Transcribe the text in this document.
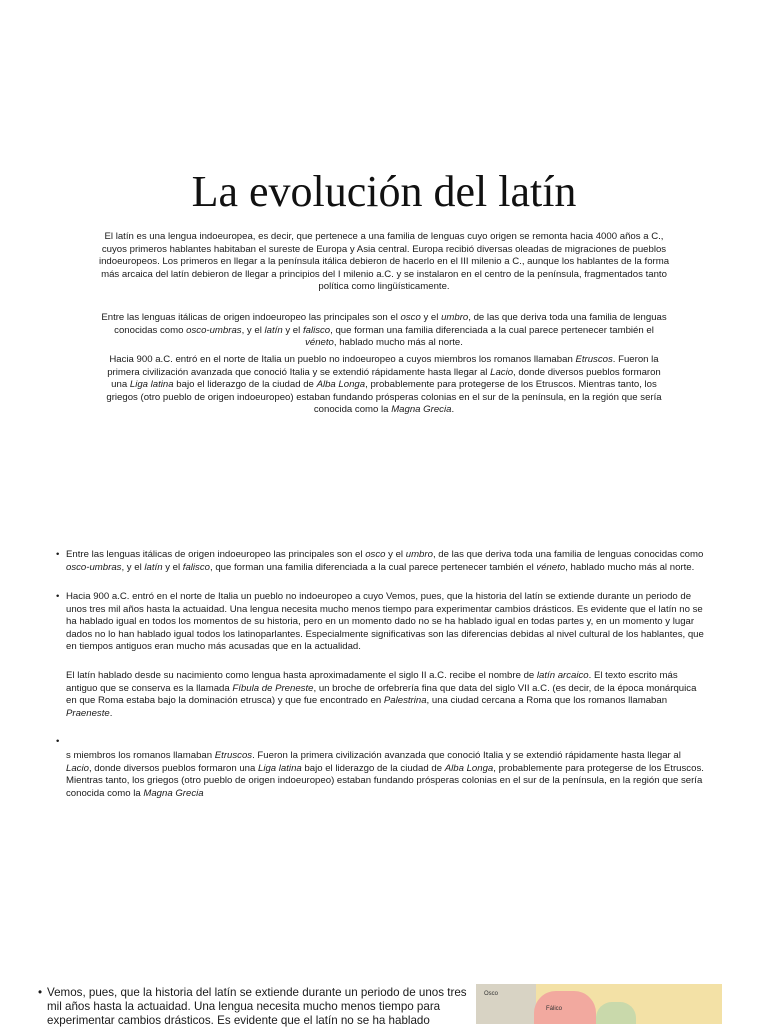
La evolución del latín
El latín es una lengua indoeuropea, es decir, que pertenece a una familia de lenguas cuyo origen se remonta hacia 4000 años a C., cuyos primeros hablantes habitaban el sureste de Europa y Asia central. Europa recibió diversas oleadas de migraciones de pueblos indoeuropeos. Los primeros en llegar a la península itálica debieron de hacerlo en el III milenio a C., aunque los hablantes de la forma más arcaica del latín debieron de llegar a principios del I milenio a.C. y se instalaron en el centro de la península, fragmentados tanto política como lingüísticamente.
Entre las lenguas itálicas de origen indoeuropeo las principales son el osco y el umbro, de las que deriva toda una familia de lenguas conocidas como osco-umbras, y el latín y el falisco, que forman una familia diferenciada a la cual parece pertenecer también el véneto, hablado mucho más al norte.
Hacia 900 a.C. entró en el norte de Italia un pueblo no indoeuropeo a cuyos miembros los romanos llamaban Etruscos. Fueron la primera civilización avanzada que conoció Italia y se extendió rápidamente hasta llegar al Lacio, donde diversos pueblos formaron una Liga latina bajo el liderazgo de la ciudad de Alba Longa, probablemente para protegerse de los Etruscos. Mientras tanto, los griegos (otro pueblo de origen indoeuropeo) estaban fundando prósperas colonias en el sur de la península, en la región que sería conocida como la Magna Grecia.
• Entre las lenguas itálicas de origen indoeuropeo las principales son el osco y el umbro, de las que deriva toda una familia de lenguas conocidas como osco-umbras, y el latín y el falisco, que forman una familia diferenciada a la cual parece pertenecer también el véneto, hablado mucho más al norte.
• Hacia 900 a.C. entró en el norte de Italia un pueblo no indoeuropeo a cuyo Vemos, pues, que la historia del latín se extiende durante un periodo de unos tres mil años hasta la actuaidad. Una lengua necesita mucho menos tiempo para experimentar cambios drásticos. Es evidente que el latín no se ha hablado igual en todos los momentos de su historia, pero en un momento dado no se ha hablado igual en todas partes y, en un momento y lugar dados no lo han hablado igual todos los latinoparlantes. Especialmente significativas son las diferencias debidas al nivel cultural de los hablantes, que en tiempos antiguos eran mucho más acusadas que en la actualidad.
El latín hablado desde su nacimiento como lengua hasta aproximadamente el siglo II a.C. recibe el nombre de latín arcaico. El texto escrito más antiguo que se conserva es la llamada Fíbula de Preneste, un broche de orfebrería fina que data del siglo VII a.C. (es decir, de la época monárquica en que Roma estaba bajo la dominación etrusca) y que fue encontrado en Palestrina, una ciudad cercana a Roma que los romanos llamaban Praeneste.
•
s miembros los romanos llamaban Etruscos. Fueron la primera civilización avanzada que conoció Italia y se extendió rápidamente hasta llegar al Lacio, donde diversos pueblos formaron una Liga latina bajo el liderazgo de la ciudad de Alba Longa, probablemente para protegerse de los Etruscos. Mientras tanto, los griegos (otro pueblo de origen indoeuropeo) estaban fundando prósperas colonias en el sur de la península, en la región que sería conocida como la Magna Grecia
• Vemos, pues, que la historia del latín se extiende durante un periodo de unos tres mil años hasta la actuaidad. Una lengua necesita mucho menos tiempo para experimentar cambios drásticos. Es evidente que el latín no se ha hablado
Osco
Fálico
